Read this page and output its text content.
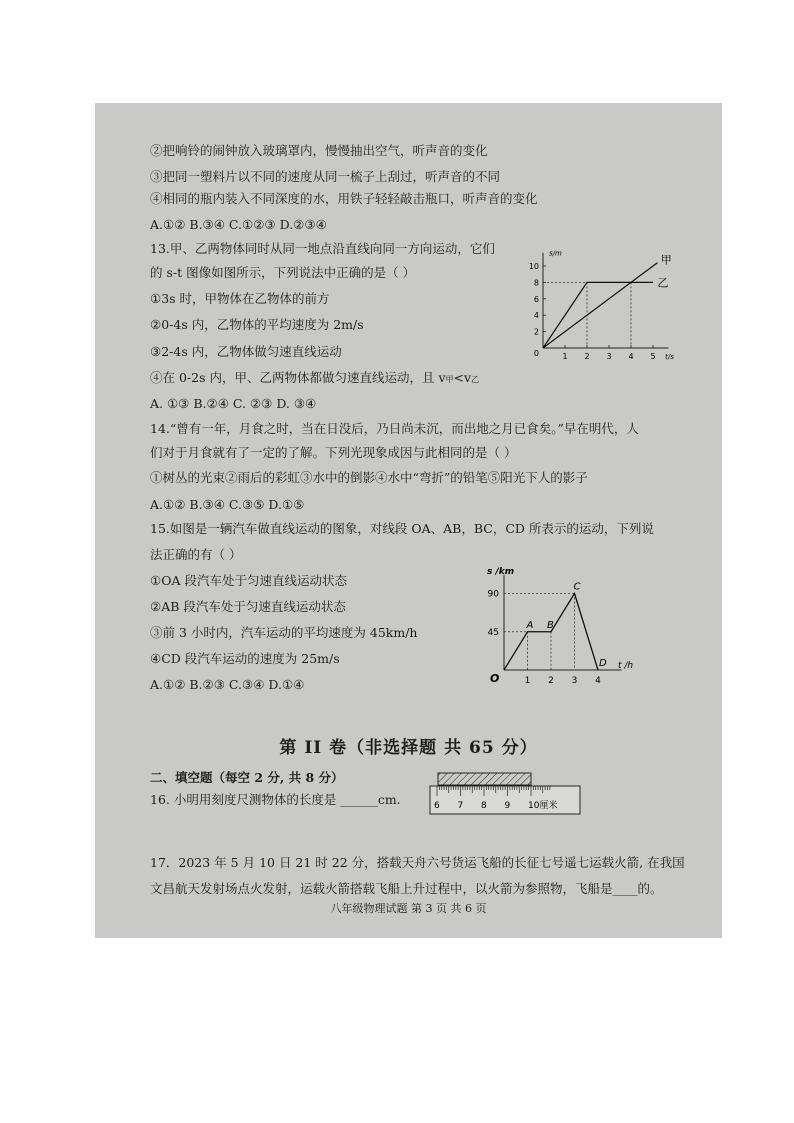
②把响铃的闹钟放入玻璃罩内，慢慢抽出空气，听声音的变化
③把同一塑料片以不同的速度从同一梳子上刮过，听声音的不同
④相同的瓶内装入不同深度的水，用铁子轻轻敲击瓶口，听声音的变化
A.①② B.③④ C.①②③ D.②③④
13.甲、乙两物体同时从同一地点沿直线向同一方向运动，它们
的 s-t 图像如图所示，下列说法中正确的是（ ）
①3s 时，甲物体在乙物体的前方
②0-4s 内，乙物体的平均速度为 2m/s
③2-4s 内，乙物体做匀速直线运动
④在 0-2s 内，甲、乙两物体都做匀速直线运动，且 v甲<v乙
A. ①③ B.②④ C. ②③ D. ③④
s/m
t/s
10
8
6
4
2
0	1 2 3 4 5
甲
乙
14.“曾有一年，月食之时，当在日没后，乃日尚未沉，而出地之月已食矣。”早在明代，人
们对于月食就有了一定的了解。下列光现象成因与此相同的是（ ）
①树丛的光束②雨后的彩虹③水中的倒影④水中“弯折”的铅笔⑤阳光下人的影子
A.①② B.③④ C.③⑤ D.①⑤
15.如图是一辆汽车做直线运动的图象，对线段 OA、AB，BC，CD 所表示的运动，下列说
法正确的有（ ）
①OA 段汽车处于匀速直线运动状态
②AB 段汽车处于匀速直线运动状态
③前 3 小时内，汽车运动的平均速度为 45km/h
④CD 段汽车运动的速度为 25m/s
A.①② B.②③ C.③④ D.①④
s /km
t /h
90
45
1 2 3 4
O
A B
C
D
第 II 卷（非选择题 共 65 分）
二、填空题（每空 2 分, 共 8 分）
16. 小明用刻度尺测物体的长度是 ______cm.	6 7 8 9 10厘米
17．2023 年 5 月 10 日 21 时 22 分，搭载天舟六号货运飞船的长征七号遥七运载火箭, 在我国
文昌航天发射场点火发射，运载火箭搭载飞船上升过程中，以火箭为参照物，飞船是____的。
八年级物理试题 第 3 页 共 6 页
